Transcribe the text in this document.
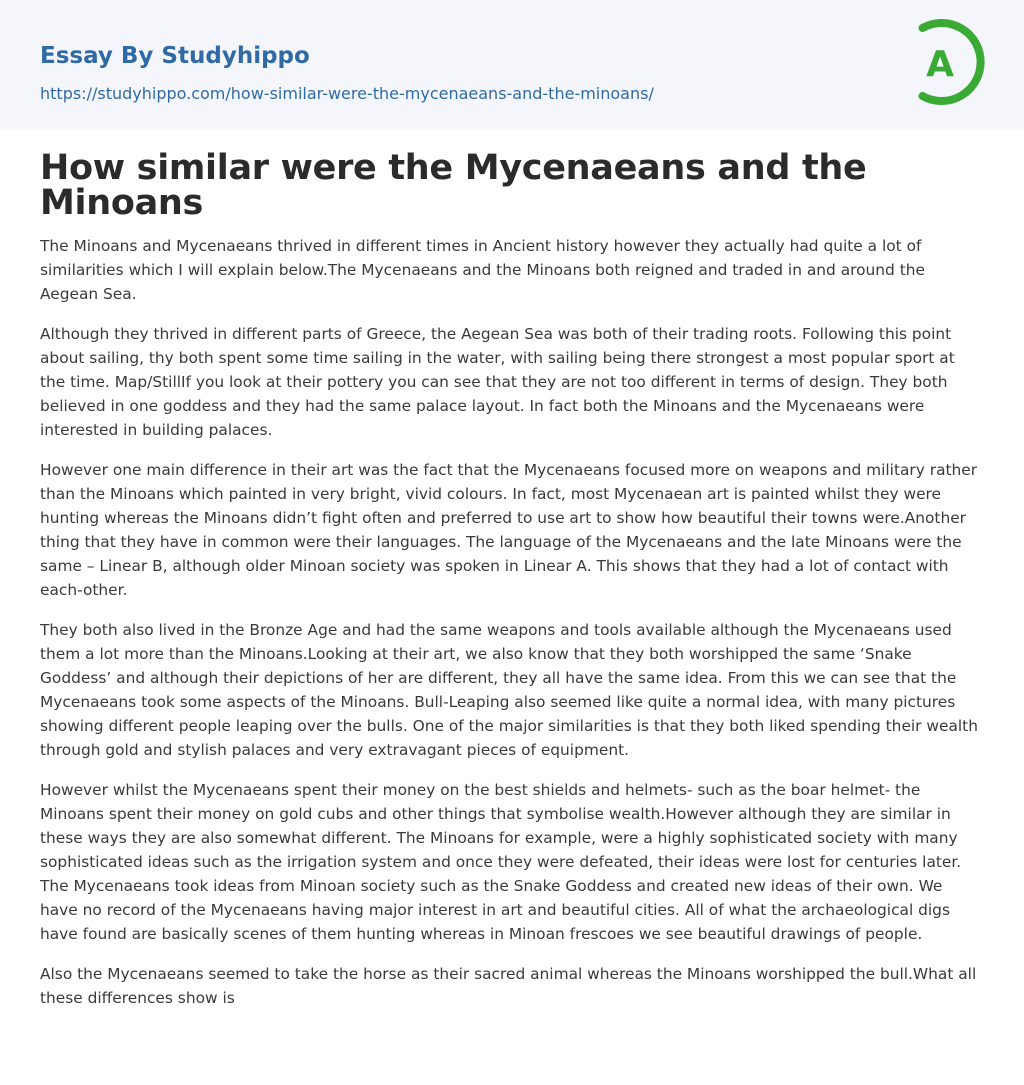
Essay By Studyhippo
https://studyhippo.com/how-similar-were-the-mycenaeans-and-the-minoans/
A
How similar were the Mycenaeans and the Minoans

The Minoans and Mycenaeans thrived in different times in Ancient history however they actually had quite a lot of similarities which I will explain below.The Mycenaeans and the Minoans both reigned and traded in and around the Aegean Sea.

Although they thrived in different parts of Greece, the Aegean Sea was both of their trading roots. Following this point about sailing, thy both spent some time sailing in the water, with sailing being there strongest a most popular sport at the time. Map/StillIf you look at their pottery you can see that they are not too different in terms of design. They both believed in one goddess and they had the same palace layout. In fact both the Minoans and the Mycenaeans were interested in building palaces.

However one main difference in their art was the fact that the Mycenaeans focused more on weapons and military rather than the Minoans which painted in very bright, vivid colours. In fact, most Mycenaean art is painted whilst they were hunting whereas the Minoans didn’t fight often and preferred to use art to show how beautiful their towns were.Another thing that they have in common were their languages. The language of the Mycenaeans and the late Minoans were the same – Linear B, although older Minoan society was spoken in Linear A. This shows that they had a lot of contact with each-other.

They both also lived in the Bronze Age and had the same weapons and tools available although the Mycenaeans used them a lot more than the Minoans.Looking at their art, we also know that they both worshipped the same ‘Snake Goddess’ and although their depictions of her are different, they all have the same idea. From this we can see that the Mycenaeans took some aspects of the Minoans. Bull-Leaping also seemed like quite a normal idea, with many pictures showing different people leaping over the bulls. One of the major similarities is that they both liked spending their wealth through gold and stylish palaces and very extravagant pieces of equipment.

However whilst the Mycenaeans spent their money on the best shields and helmets- such as the boar helmet- the Minoans spent their money on gold cubs and other things that symbolise wealth.However although they are similar in these ways they are also somewhat different. The Minoans for example, were a highly sophisticated society with many sophisticated ideas such as the irrigation system and once they were defeated, their ideas were lost for centuries later. The Mycenaeans took ideas from Minoan society such as the Snake Goddess and created new ideas of their own. We have no record of the Mycenaeans having major interest in art and beautiful cities. All of what the archaeological digs have found are basically scenes of them hunting whereas in Minoan frescoes we see beautiful drawings of people.

Also the Mycenaeans seemed to take the horse as their sacred animal whereas the Minoans worshipped the bull.What all these differences show is
